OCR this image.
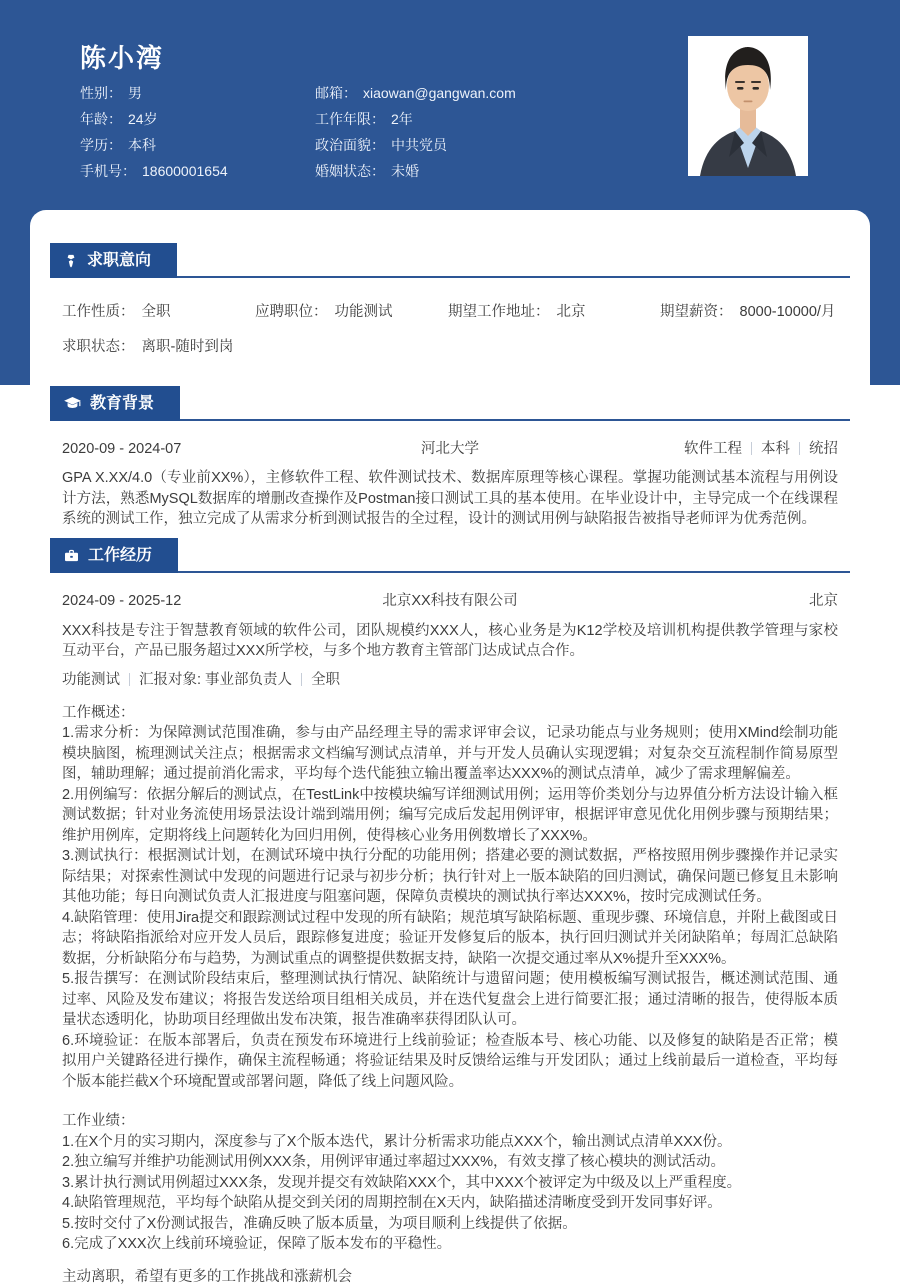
陈小湾
性别： 男
年龄： 24岁
学历： 本科
手机号： 18600001654
邮箱： xiaowan@gangwan.com
工作年限： 2年
政治面貌： 中共党员
婚姻状态： 未婚
求职意向
工作性质： 全职	应聘职位： 功能测试	期望工作地址： 北京	期望薪资： 8000-10000/月
求职状态： 离职-随时到岗
教育背景
2020-09 - 2024-07	河北大学	软件工程 本科 统招

GPA X.XX/4.0（专业前XX%），主修软件工程、软件测试技术、数据库原理等核心课程。掌握功能测试基本流程与用例设计方法，熟悉MySQL数据库的增删改查操作及Postman接口测试工具的基本使用。在毕业设计中，主导完成一个在线课程系统的测试工作，独立完成了从需求分析到测试报告的全过程，设计的测试用例与缺陷报告被指导老师评为优秀范例。

工作经历
2024-09 - 2025-12	北京XX科技有限公司	北京

XXX科技是专注于智慧教育领域的软件公司，团队规模约XXX人，核心业务是为K12学校及培训机构提供教学管理与家校互动平台，产品已服务超过XXX所学校，与多个地方教育主管部门达成试点合作。

功能测试 汇报对象: 事业部负责人 全职

工作概述：

1.需求分析：为保障测试范围准确，参与由产品经理主导的需求评审会议，记录功能点与业务规则；使用XMind绘制功能模块脑图，梳理测试关注点；根据需求文档编写测试点清单，并与开发人员确认实现逻辑；对复杂交互流程制作简易原型图，辅助理解；通过提前消化需求，平均每个迭代能独立输出覆盖率达XXX%的测试点清单，减少了需求理解偏差。

2.用例编写：依据分解后的测试点，在TestLink中按模块编写详细测试用例；运用等价类划分与边界值分析方法设计输入框测试数据；针对业务流使用场景法设计端到端用例；编写完成后发起用例评审，根据评审意见优化用例步骤与预期结果；维护用例库，定期将线上问题转化为回归用例，使得核心业务用例数增长了XXX%。

3.测试执行：根据测试计划，在测试环境中执行分配的功能用例；搭建必要的测试数据，严格按照用例步骤操作并记录实际结果；对探索性测试中发现的问题进行记录与初步分析；执行针对上一版本缺陷的回归测试，确保问题已修复且未影响其他功能；每日向测试负责人汇报进度与阻塞问题，保障负责模块的测试执行率达XXX%，按时完成测试任务。

4.缺陷管理：使用Jira提交和跟踪测试过程中发现的所有缺陷；规范填写缺陷标题、重现步骤、环境信息，并附上截图或日志；将缺陷指派给对应开发人员后，跟踪修复进度；验证开发修复后的版本，执行回归测试并关闭缺陷单；每周汇总缺陷数据，分析缺陷分布与趋势，为测试重点的调整提供数据支持，缺陷一次提交通过率从X%提升至XXX%。

5.报告撰写：在测试阶段结束后，整理测试执行情况、缺陷统计与遗留问题；使用模板编写测试报告，概述测试范围、通过率、风险及发布建议；将报告发送给项目组相关成员，并在迭代复盘会上进行简要汇报；通过清晰的报告，使得版本质量状态透明化，协助项目经理做出发布决策，报告准确率获得团队认可。

6.环境验证：在版本部署后，负责在预发布环境进行上线前验证；检查版本号、核心功能、以及修复的缺陷是否正常；模拟用户关键路径进行操作，确保主流程畅通；将验证结果及时反馈给运维与开发团队；通过上线前最后一道检查，平均每个版本能拦截X个环境配置或部署问题，降低了线上问题风险。

工作业绩：

1.在X个月的实习期内，深度参与了X个版本迭代，累计分析需求功能点XXX个，输出测试点清单XXX份。

2.独立编写并维护功能测试用例XXX条，用例评审通过率超过XXX%，有效支撑了核心模块的测试活动。

3.累计执行测试用例超过XXX条，发现并提交有效缺陷XXX个，其中XXX个被评定为中级及以上严重程度。

4.缺陷管理规范，平均每个缺陷从提交到关闭的周期控制在X天内，缺陷描述清晰度受到开发同事好评。

5.按时交付了X份测试报告，准确反映了版本质量，为项目顺利上线提供了依据。

6.完成了XXX次上线前环境验证，保障了版本发布的平稳性。

主动离职，希望有更多的工作挑战和涨薪机会
